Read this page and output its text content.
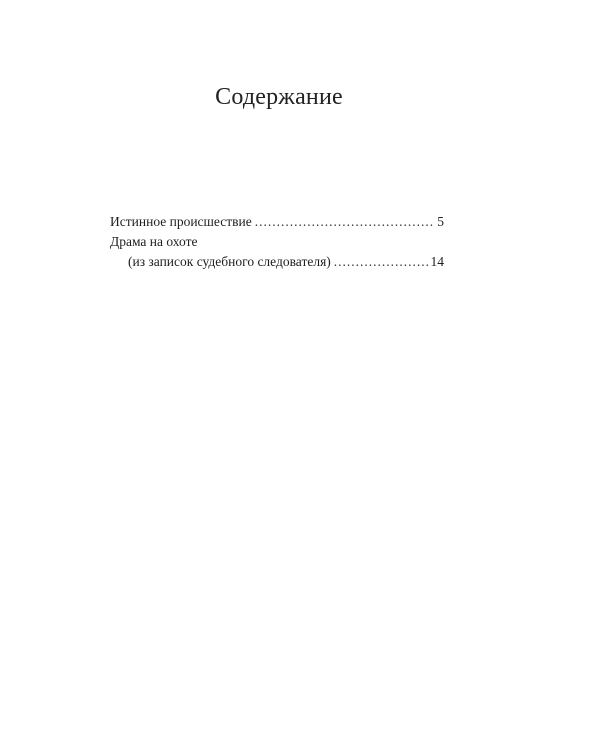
Содержание
Истинное происшествие .....	5
Драма на охоте
(из записок судебного следователя) .....	14
